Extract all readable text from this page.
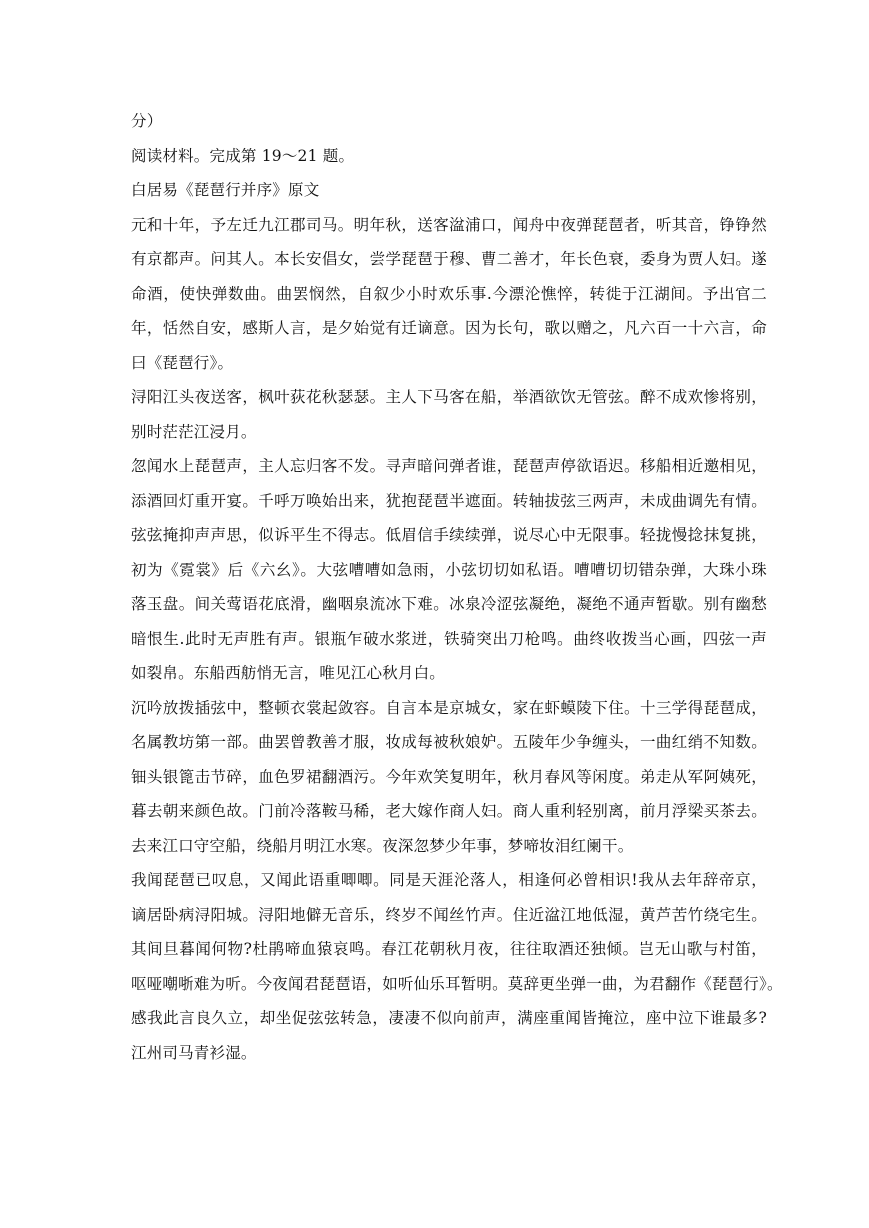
分）

阅读材料。完成第 19～21 题。

白居易《琵琶行并序》原文

元和十年，予左迁九江郡司马。明年秋，送客湓浦口，闻舟中夜弹琵琶者，听其音，铮铮然

有京都声。问其人。本长安倡女，尝学琵琶于穆、曹二善才，年长色衰，委身为贾人妇。遂

命酒，使快弹数曲。曲罢悯然，自叙少小时欢乐事.今漂沦憔悴，转徙于江湖间。予出官二

年，恬然自安，感斯人言，是夕始觉有迁谪意。因为长句，歌以赠之，凡六百一十六言，命

曰《琵琶行》。

浔阳江头夜送客，枫叶荻花秋瑟瑟。主人下马客在船，举酒欲饮无管弦。醉不成欢惨将别，

别时茫茫江浸月。

忽闻水上琵琶声，主人忘归客不发。寻声暗问弹者谁，琵琶声停欲语迟。移船相近邀相见，

添酒回灯重开宴。千呼万唤始出来，犹抱琵琶半遮面。转轴拔弦三两声，未成曲调先有情。

弦弦掩抑声声思，似诉平生不得志。低眉信手续续弹，说尽心中无限事。轻拢慢捻抹复挑，

初为《霓裳》后《六幺》。大弦嘈嘈如急雨，小弦切切如私语。嘈嘈切切错杂弹，大珠小珠

落玉盘。间关莺语花底滑，幽咽泉流冰下难。冰泉冷涩弦凝绝，凝绝不通声暂歇。别有幽愁

暗恨生.此时无声胜有声。银瓶乍破水浆迸，铁骑突出刀枪鸣。曲终收拨当心画，四弦一声

如裂帛。东船西舫悄无言，唯见江心秋月白。

沉吟放拨插弦中，整顿衣裳起敛容。自言本是京城女，家在虾蟆陵下住。十三学得琵琶成，

名属教坊第一部。曲罢曾教善才服，妆成每被秋娘妒。五陵年少争缠头，一曲红绡不知数。

钿头银篦击节碎，血色罗裙翻酒污。今年欢笑复明年，秋月春风等闲度。弟走从军阿姨死，

暮去朝来颜色故。门前冷落鞍马稀，老大嫁作商人妇。商人重利轻别离，前月浮梁买茶去。

去来江口守空船，绕船月明江水寒。夜深忽梦少年事，梦啼妆泪红阑干。

我闻琵琶已叹息，又闻此语重唧唧。同是天涯沦落人，相逢何必曾相识!我从去年辞帝京，

谪居卧病浔阳城。浔阳地僻无音乐，终岁不闻丝竹声。住近湓江地低湿，黄芦苦竹绕宅生。

其间旦暮闻何物?杜鹃啼血猿哀鸣。春江花朝秋月夜，往往取酒还独倾。岂无山歌与村笛，

呕哑嘲哳难为听。今夜闻君琵琶语，如听仙乐耳暂明。莫辞更坐弹一曲，为君翻作《琵琶行》。

感我此言良久立，却坐促弦弦转急，凄凄不似向前声，满座重闻皆掩泣，座中泣下谁最多?

江州司马青衫湿。
